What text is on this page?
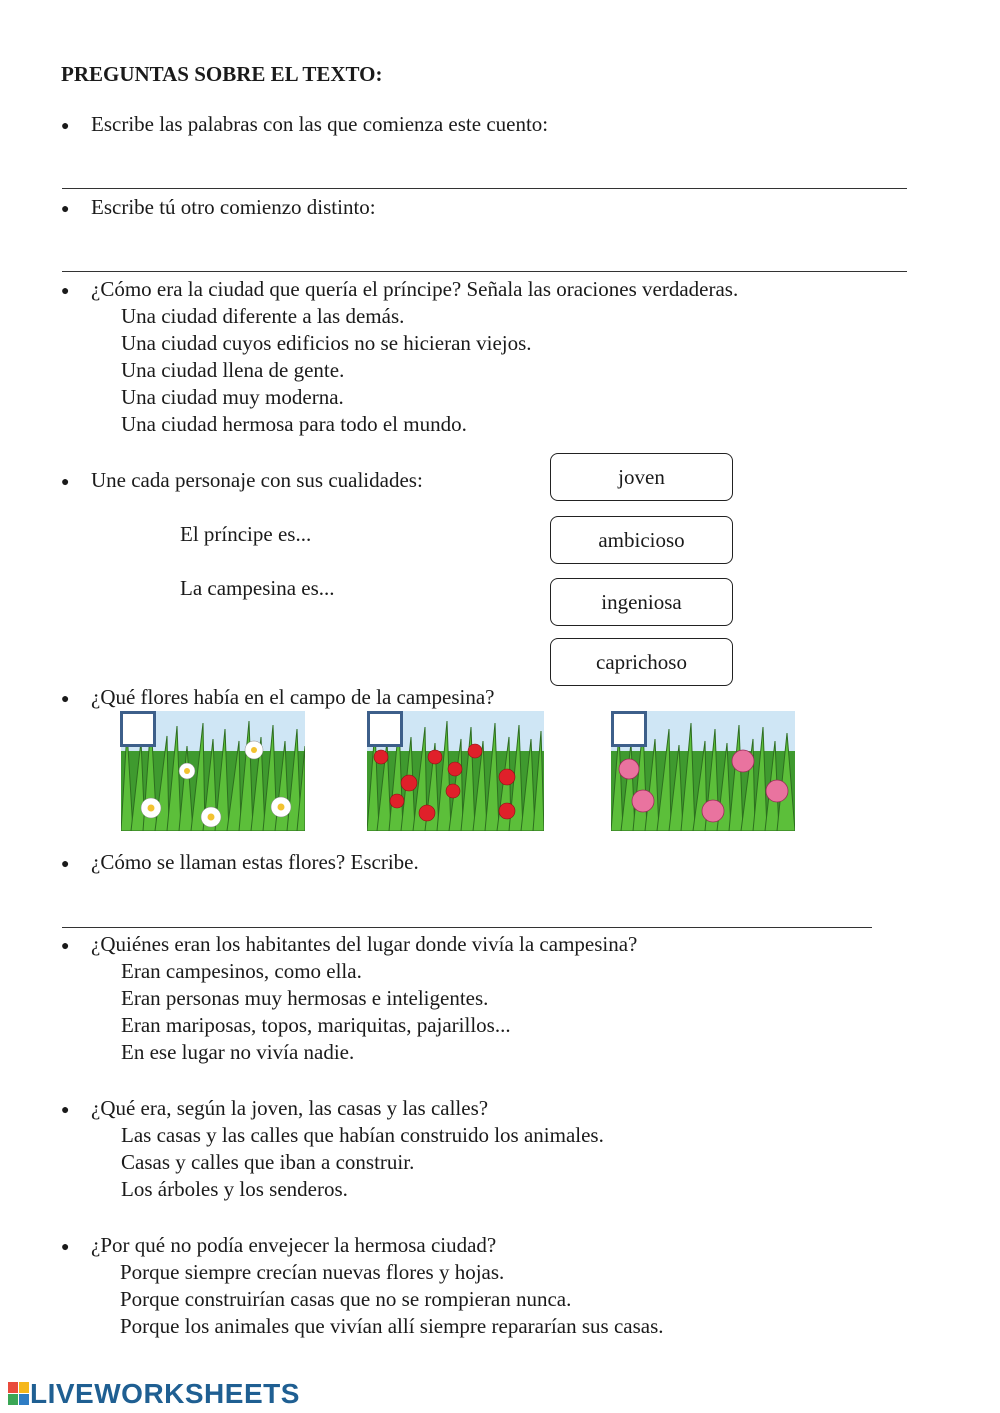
PREGUNTAS SOBRE EL TEXTO:
● Escribe las palabras con las que comienza este cuento:
● Escribe tú otro comienzo distinto:
● ¿Cómo era la ciudad que quería el príncipe? Señala las oraciones verdaderas.
Una ciudad diferente a las demás.
Una ciudad cuyos edificios no se hicieran viejos.
Una ciudad llena de gente.
Una ciudad muy moderna.
Una ciudad hermosa para todo el mundo.
● Une cada personaje con sus cualidades:
El príncipe es...
La campesina es...
joven
ambicioso
ingeniosa
caprichoso
● ¿Qué flores había en el campo de la campesina?
● ¿Cómo se llaman estas flores? Escribe.
● ¿Quiénes eran los habitantes del lugar donde vivía la campesina?
Eran campesinos, como ella.
Eran personas muy hermosas e inteligentes.
Eran mariposas, topos, mariquitas, pajarillos...
En ese lugar no vivía nadie.
● ¿Qué era, según la joven, las casas y las calles?
Las casas y las calles que habían construido los animales.
Casas y calles que iban a construir.
Los árboles y los senderos.
● ¿Por qué no podía envejecer la hermosa ciudad?
Porque siempre crecían nuevas flores y hojas.
Porque construirían casas que no se rompieran nunca.
Porque los animales que vivían allí siempre repararían sus casas.
LIVEWORKSHEETS
